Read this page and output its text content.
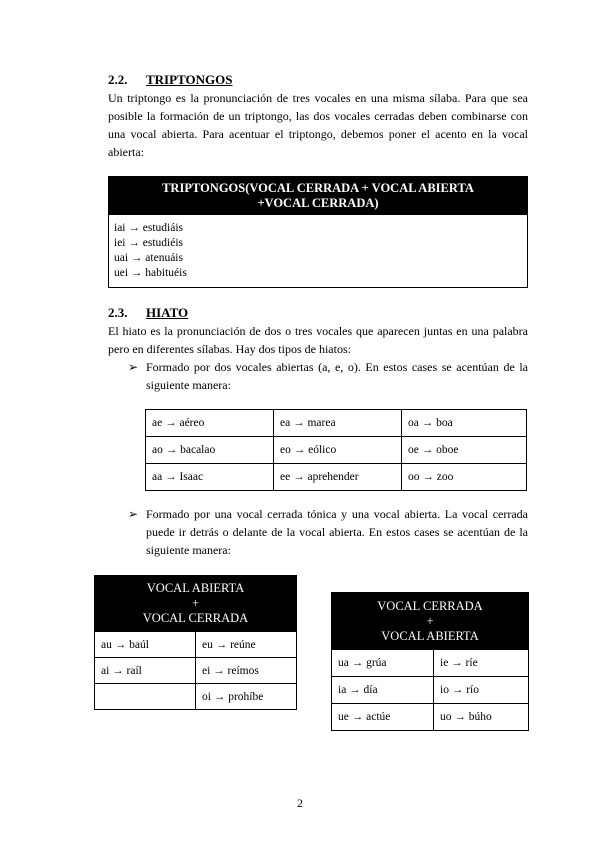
2.2. TRIPTONGOS
Un triptongo es la pronunciación de tres vocales en una misma sílaba. Para que sea posible la formación de un triptongo, las dos vocales cerradas deben combinarse con una vocal abierta. Para acentuar el triptongo, debemos poner el acento en la vocal abierta:
TRIPTONGOS(VOCAL CERRADA + VOCAL ABIERTA +VOCAL CERRADA)
iai → estudiáis
iei → estudiéis
uai → atenuáis
uei → habituéis
2.3. HIATO
El hiato es la pronunciación de dos o tres vocales que aparecen juntas en una palabra pero en diferentes sílabas. Hay dos tipos de hiatos:
➢ Formado por dos vocales abiertas (a, e, o). En estos cases se acentúan de la siguiente manera:
ae → aéreo	ea → marea	oa → boa
ao → bacalao	eo → eólico	oe → oboe
aa → Isaac	ee → aprehender	oo → zoo
➢ Formado por una vocal cerrada tónica y una vocal abierta. La vocal cerrada puede ir detrás o delante de la vocal abierta. En estos cases se acentúan de la siguiente manera:
VOCAL ABIERTA
+
VOCAL CERRADA	

au → baúl	eu → reúne
ai → raíl	ei → reímos
	oi → prohíbe
VOCAL CERRADA
+
VOCAL ABIERTA	

ua → grúa	ie → ríe
ia → día	io → río
ue → actúe	uo → búho
2
